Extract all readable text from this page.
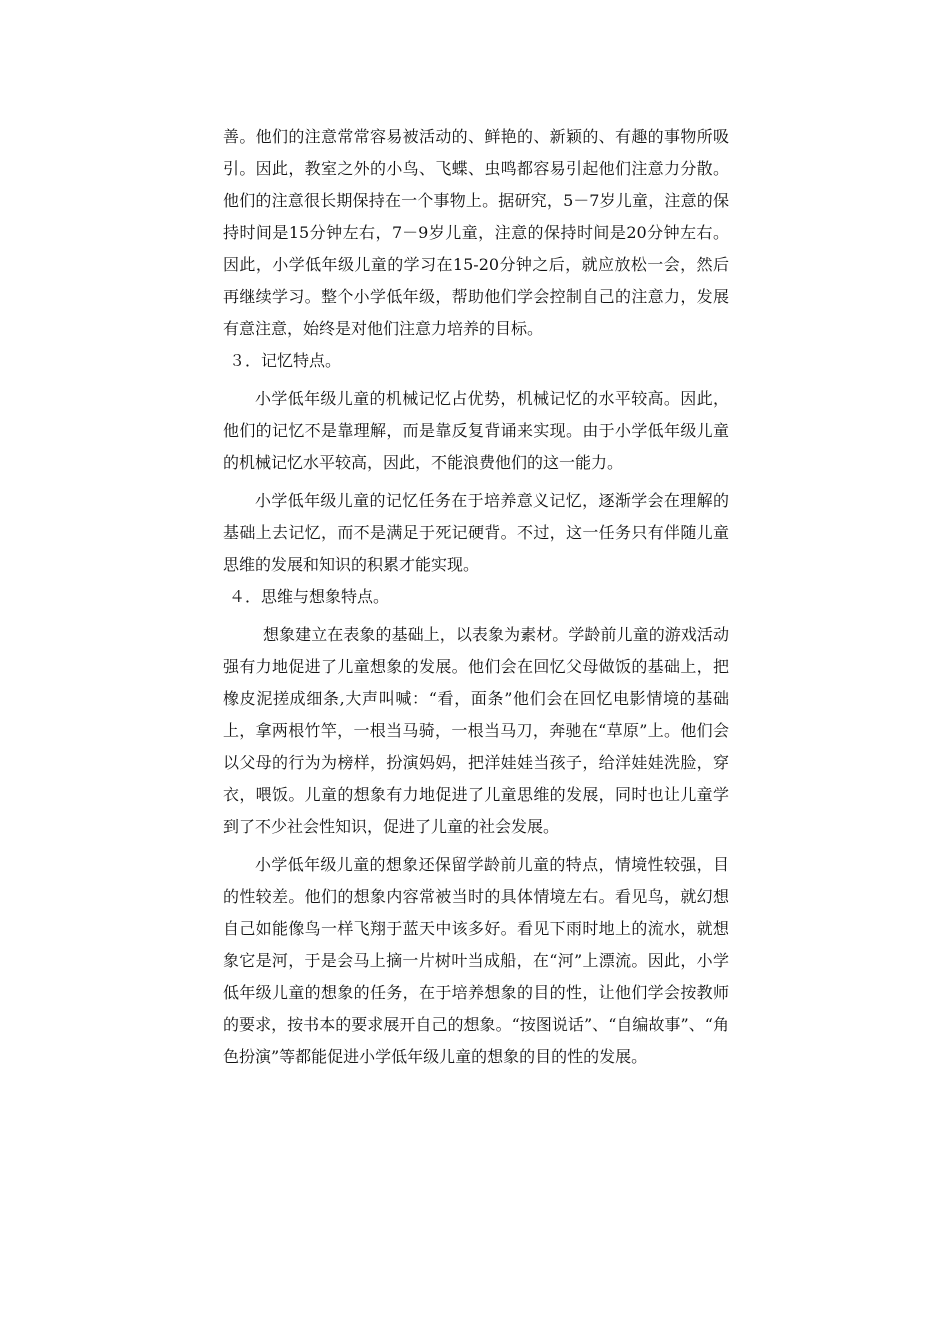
善。他们的注意常常容易被活动的、鲜艳的、新颖的、有趣的事物所吸引。因此，教室之外的小鸟、飞蝶、虫鸣都容易引起他们注意力分散。他们的注意很长期保持在一个事物上。据研究，5－7岁儿童，注意的保持时间是15分钟左右，7－9岁儿童，注意的保持时间是20分钟左右。因此，小学低年级儿童的学习在15-20分钟之后，就应放松一会，然后再继续学习。整个小学低年级，帮助他们学会控制自己的注意力，发展有意注意，始终是对他们注意力培养的目标。

３．记忆特点。

小学低年级儿童的机械记忆占优势，机械记忆的水平较高。因此，他们的记忆不是靠理解，而是靠反复背诵来实现。由于小学低年级儿童的机械记忆水平较高，因此，不能浪费他们的这一能力。

小学低年级儿童的记忆任务在于培养意义记忆，逐渐学会在理解的基础上去记忆，而不是满足于死记硬背。不过，这一任务只有伴随儿童思维的发展和知识的积累才能实现。

４．思维与想象特点。

想象建立在表象的基础上，以表象为素材。学龄前儿童的游戏活动强有力地促进了儿童想象的发展。他们会在回忆父母做饭的基础上，把橡皮泥搓成细条,大声叫喊：“看，面条”他们会在回忆电影情境的基础上，拿两根竹竿，一根当马骑，一根当马刀，奔驰在“草原”上。他们会以父母的行为为榜样，扮演妈妈，把洋娃娃当孩子，给洋娃娃洗脸，穿衣，喂饭。儿童的想象有力地促进了儿童思维的发展，同时也让儿童学到了不少社会性知识，促进了儿童的社会发展。

小学低年级儿童的想象还保留学龄前儿童的特点，情境性较强，目的性较差。他们的想象内容常被当时的具体情境左右。看见鸟，就幻想自己如能像鸟一样飞翔于蓝天中该多好。看见下雨时地上的流水，就想象它是河，于是会马上摘一片树叶当成船，在“河”上漂流。因此，小学低年级儿童的想象的任务，在于培养想象的目的性，让他们学会按教师的要求，按书本的要求展开自己的想象。“按图说话”、“自编故事”、“角色扮演”等都能促进小学低年级儿童的想象的目的性的发展。
